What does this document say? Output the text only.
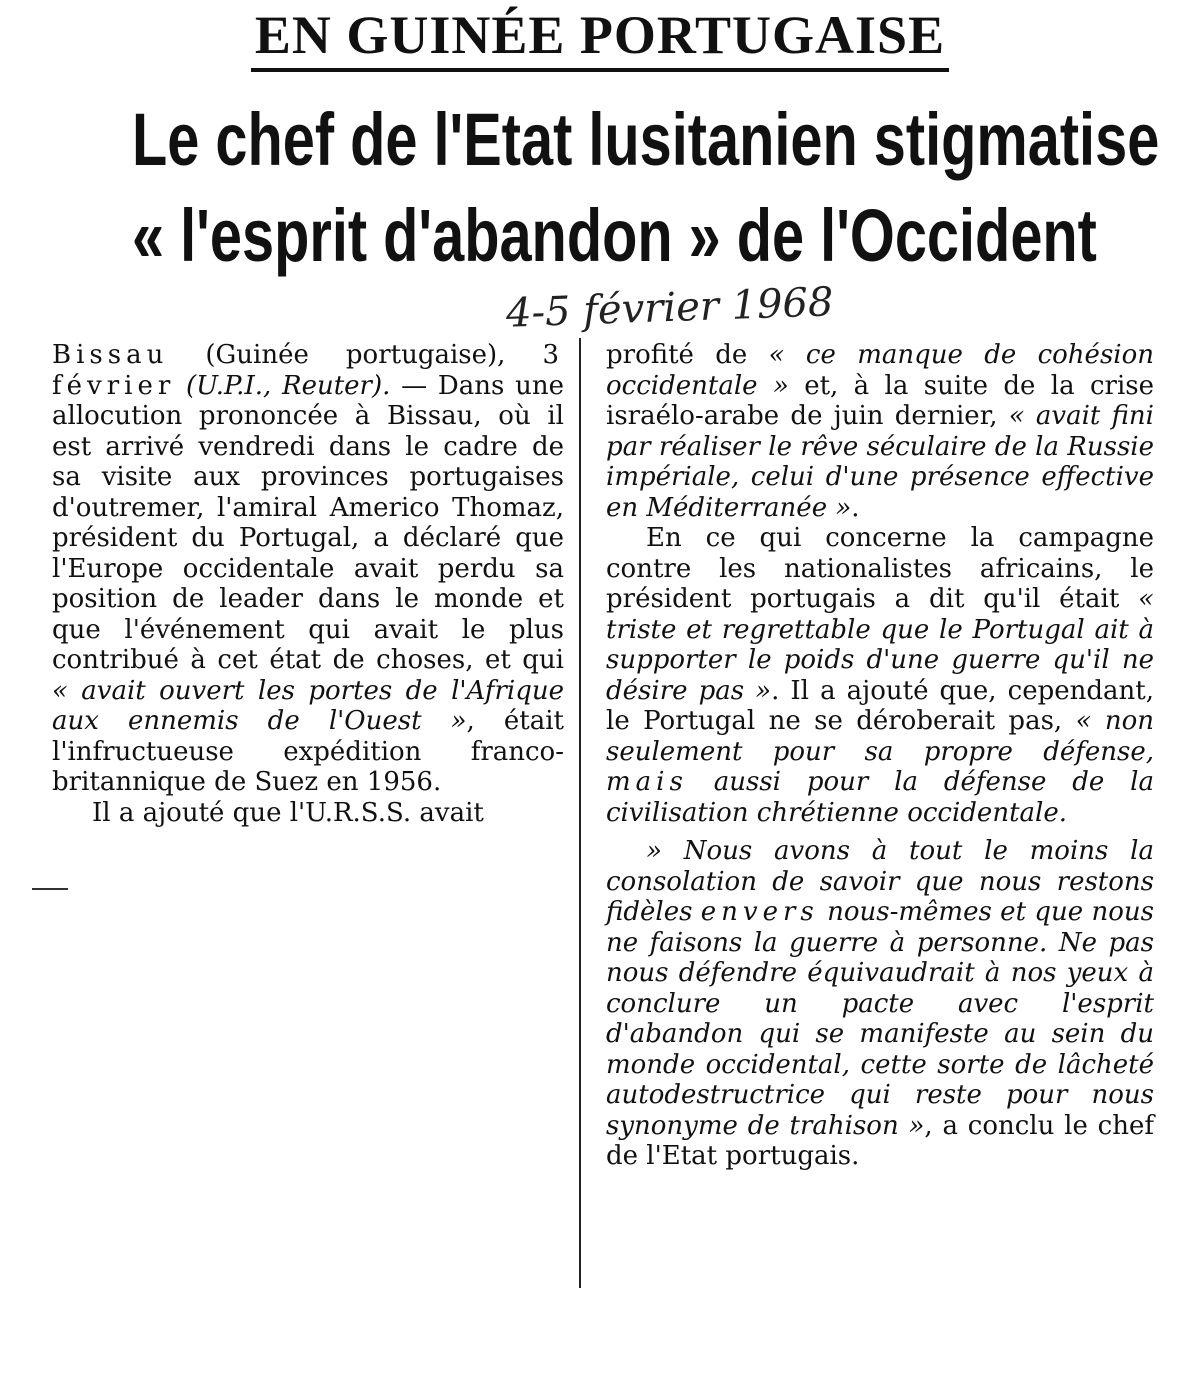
EN GUINÉE PORTUGAISE
Le chef de l'Etat lusitanien stigmatise
« l'esprit d'abandon » de l'Occident
4-5 février 1968

Bissau (Guinée portugaise), 3 février (U.P.I., Reuter). — Dans une allocution prononcée à Bissau, où il est arrivé vendredi dans le cadre de sa visite aux provinces portugaises d'outremer, l'amiral Americo Thomaz, président du Portugal, a déclaré que l'Europe occidentale avait perdu sa position de leader dans le monde et que l'événement qui avait le plus contribué à cet état de choses, et qui « avait ouvert les portes de l'Afrique aux ennemis de l'Ouest », était l'infructueuse expédition franco-britannique de Suez en 1956.

Il a ajouté que l'U.R.S.S. avait

profité de « ce manque de cohésion occidentale » et, à la suite de la crise israélo-arabe de juin dernier, « avait fini par réaliser le rêve séculaire de la Russie impériale, celui d'une présence effective en Méditerranée ».

En ce qui concerne la campagne contre les nationalistes africains, le président portugais a dit qu'il était « triste et regrettable que le Portugal ait à supporter le poids d'une guerre qu'il ne désire pas ». Il a ajouté que, cependant, le Portugal ne se déroberait pas, « non seulement pour sa propre défense, mais aussi pour la défense de la civilisation chrétienne occidentale.

» Nous avons à tout le moins la consolation de savoir que nous restons fidèles envers nous-mêmes et que nous ne faisons la guerre à personne. Ne pas nous défendre équivaudrait à nos yeux à conclure un pacte avec l'esprit d'abandon qui se manifeste au sein du monde occidental, cette sorte de lâcheté autodestructrice qui reste pour nous synonyme de trahison », a conclu le chef de l'Etat portugais.
